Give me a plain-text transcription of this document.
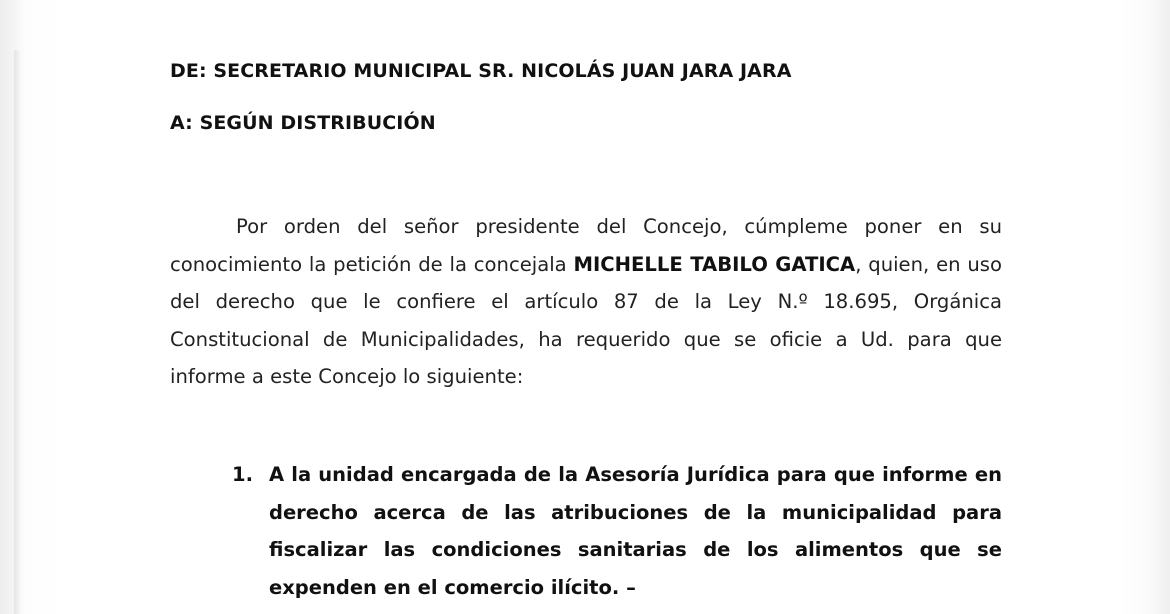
DE: SECRETARIO MUNICIPAL SR. NICOLÁS JUAN JARA JARA
A: SEGÚN DISTRIBUCIÓN
Por orden del señor presidente del Concejo, cúmpleme poner en su conocimiento la petición de la concejala MICHELLE TABILO GATICA, quien, en uso del derecho que le confiere el artículo 87 de la Ley N.º 18.695, Orgánica Constitucional de Municipalidades, ha requerido que se oficie a Ud. para que informe a este Concejo lo siguiente:
1. A la unidad encargada de la Asesoría Jurídica para que informe en derecho acerca de las atribuciones de la municipalidad para fiscalizar las condiciones sanitarias de los alimentos que se expenden en el comercio ilícito. –
